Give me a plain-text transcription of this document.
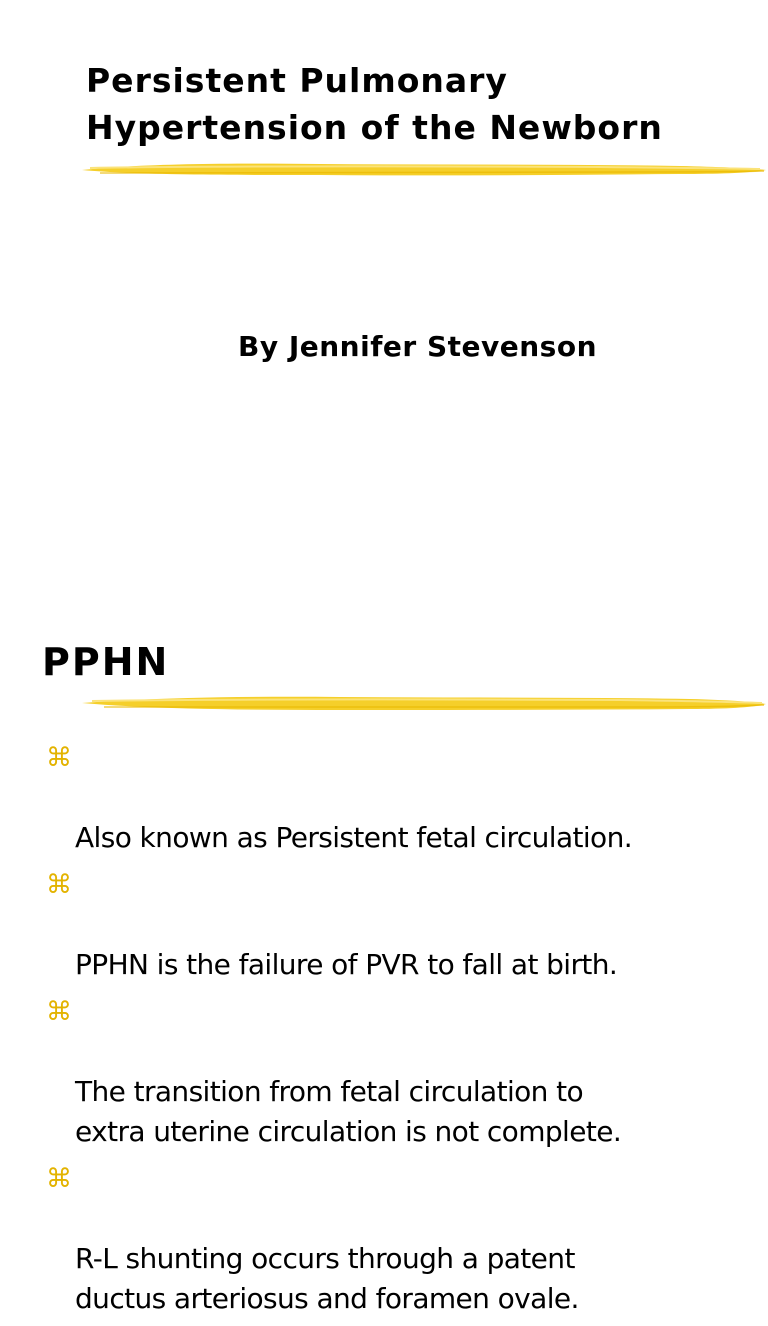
Persistent Pulmonary
Hypertension of the Newborn

By Jennifer Stevenson

PPHN

⌘

Also known as Persistent fetal circulation.

⌘

PPHN is the failure of PVR to fall at birth.

⌘

The transition from fetal circulation to
extra uterine circulation is not complete.

⌘

R-L shunting occurs through a patent
ductus arteriosus and foramen ovale.
